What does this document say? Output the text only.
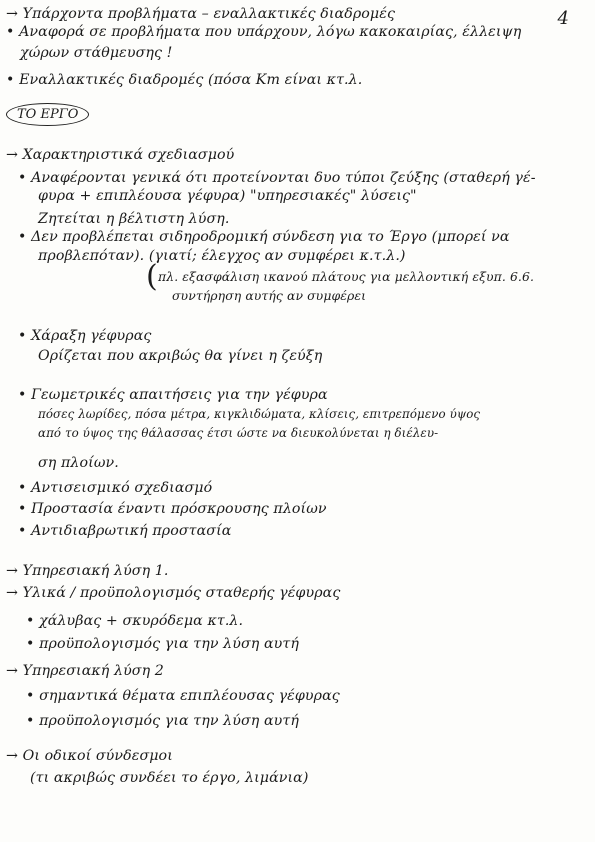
4
→ Υπάρχοντα προβλήματα – εναλλακτικές διαδρομές
• Αναφορά σε προβλήματα που υπάρχουν, λόγω κακοκαιρίας, έλλειψη
χώρων στάθμευσης !
• Εναλλακτικές διαδρομές (πόσα Km είναι κτ.λ.
ΤΟ ΕΡΓΟ
→ Χαρακτηριστικά σχεδιασμού
• Αναφέρονται γενικά ότι προτείνονται δυο τύποι ζεύξης (σταθερή γέ-
φυρα + επιπλέουσα γέφυρα) "υπηρεσιακές" λύσεις"
Ζητείται η βέλτιστη λύση.
• Δεν προβλέπεται σιδηροδρομική σύνδεση για το Έργο (μπορεί να
προβλεπόταν). (γιατί; έλεγχος αν συμφέρει κ.τ.λ.)
( πλ. εξασφάλιση ικανού πλάτους για μελλοντική εξυπ. 6.6.
συντήρηση αυτής αν συμφέρει
• Χάραξη γέφυρας
Ορίζεται που ακριβώς θα γίνει η ζεύξη
• Γεωμετρικές απαιτήσεις για την γέφυρα
πόσες λωρίδες, πόσα μέτρα, κιγκλιδώματα, κλίσεις, επιτρεπόμενο ύψος
από το ύψος της θάλασσας έτσι ώστε να διευκολύνεται η διέλευ-
ση πλοίων.
• Αντισεισμικό σχεδιασμό
• Προστασία έναντι πρόσκρουσης πλοίων
• Αντιδιαβρωτική προστασία
→ Υπηρεσιακή λύση 1.
→ Υλικά / προϋπολογισμός σταθερής γέφυρας
• χάλυβας + σκυρόδεμα κτ.λ.
• προϋπολογισμός για την λύση αυτή
→ Υπηρεσιακή λύση 2
• σημαντικά θέματα επιπλέουσας γέφυρας
• προϋπολογισμός για την λύση αυτή
→ Οι οδικοί σύνδεσμοι
(τι ακριβώς συνδέει το έργο, λιμάνια)
